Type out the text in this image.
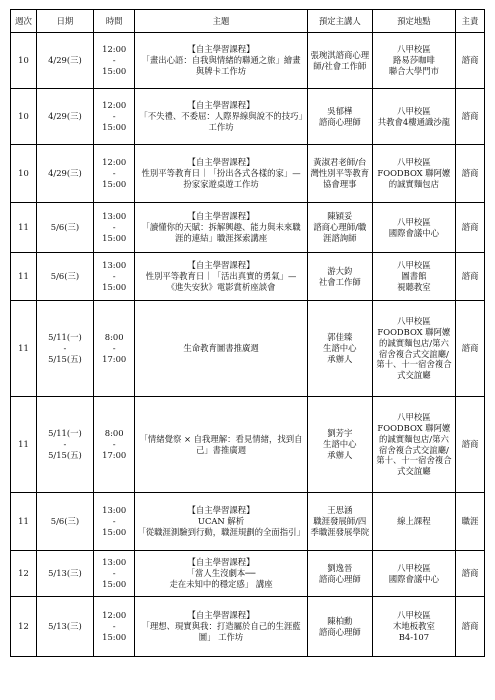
週次	日期	時間	主題	預定主講人	預定地點	主責
10	4/29(三)	12:00
-
15:00	【自主學習課程】
「畫出心語：自我與情緒的聯通之旅」繪畫與牌卡工作坊	張琬淇諮商心理師/社會工作師	八甲校區
路易莎咖啡
聯合大學門市	諮商
10	4/29(三)	12:00
-
15:00	【自主學習課程】
「不失禮、不委屈：人際界線與說不的技巧」工作坊	吳郁樺
諮商心理師	八甲校區
共教會4樓通識沙龍	諮商
10	4/29(三)	12:00
-
15:00	【自主學習課程】
性別平等教育日｜「扮出各式各樣的家」—扮家家遊桌遊工作坊	黃淑君老師/台灣性別平等教育協會理事	八甲校區
FOODBOX 聯阿嬤的誠實麵包店	諮商
11	5/6(三)	13:00
-
15:00	【自主學習課程】
「讀懂你的天賦：拆解興趣、能力與未來職涯的連結」職涯探索講座	陳穎妥
諮商心理師/職涯諮詢師	八甲校區
國際會議中心	諮商
11	5/6(三)	13:00
-
15:00	【自主學習課程】
性別平等教育日｜「活出真實的勇氣」—《進失安狄》電影賞析座談會	游大鈞
社會工作師	八甲校區
圖書館
視聽教室	諮商
11	5/11(一)
-
5/15(五)	8:00
-
17:00	生命教育圖書推廣週	郭佳臻
生諮中心
承辦人	八甲校區
FOODBOX 聯阿嬤的誠實麵包店/第六宿舍複合式交誼廳/第十、十一宿舍複合式交誼廳	諮商
11	5/11(一)
-
5/15(五)	8:00
-
17:00	「情緒覺察 × 自我理解：看見情緒，找到自己」書推廣週	劉芳宇
生諮中心
承辦人	八甲校區
FOODBOX 聯阿嬤的誠實麵包店/第六宿舍複合式交誼廳/第十、十一宿舍複合式交誼廳	諮商
11	5/6(三)	13:00
-
15:00	【自主學習課程】
UCAN 解析
「從職涯測驗到行動，職涯規劃的全面指引」	王思涵
職涯發展師/四季職涯發展學院	線上課程	職涯
12	5/13(三)	13:00
-
15:00	【自主學習課程】
「當人生沒劇本──
走在未知中的穩定感」 講座	劉逸晉
諮商心理師	八甲校區
國際會議中心	諮商
12	5/13(三)	12:00
-
15:00	【自主學習課程】
「理想、現實與我：打造屬於自己的生涯藍圖」 工作坊	陳柏勳
諮商心理師	八甲校區
木地板教室
B4-107	諮商
